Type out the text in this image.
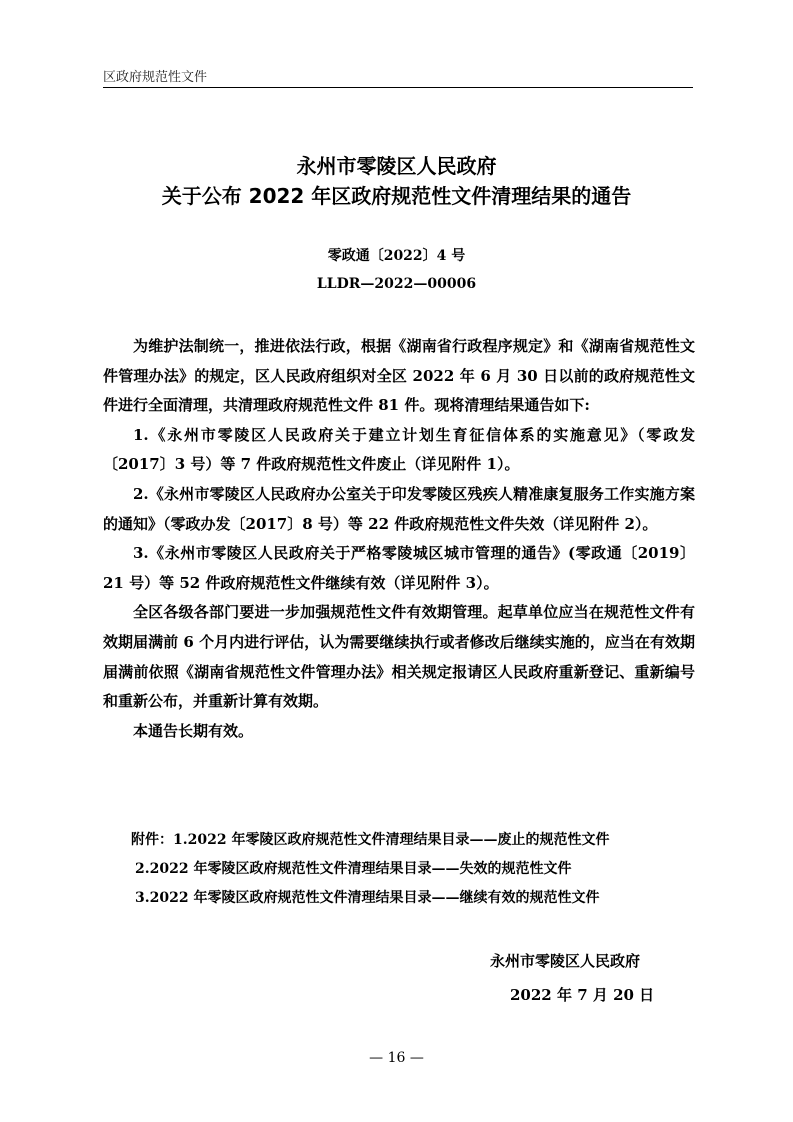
区政府规范性文件
永州市零陵区人民政府
关于公布 2022 年区政府规范性文件清理结果的通告
零政通〔2022〕4 号
LLDR—2022—00006

为维护法制统一，推进依法行政，根据《湖南省行政程序规定》和《湖南省规范性文件管理办法》的规定，区人民政府组织对全区 2022 年 6 月 30 日以前的政府规范性文件进行全面清理，共清理政府规范性文件 81 件。现将清理结果通告如下:

1.《永州市零陵区人民政府关于建立计划生育征信体系的实施意见》（零政发〔2017〕3 号）等 7 件政府规范性文件废止（详见附件 1）。

2.《永州市零陵区人民政府办公室关于印发零陵区残疾人精准康复服务工作实施方案的通知》（零政办发〔2017〕8 号）等 22 件政府规范性文件失效（详见附件 2）。

3.《永州市零陵区人民政府关于严格零陵城区城市管理的通告》(零政通〔2019〕21 号）等 52 件政府规范性文件继续有效（详见附件 3）。

全区各级各部门要进一步加强规范性文件有效期管理。起草单位应当在规范性文件有效期届满前 6 个月内进行评估，认为需要继续执行或者修改后继续实施的，应当在有效期届满前依照《湖南省规范性文件管理办法》相关规定报请区人民政府重新登记、重新编号和重新公布，并重新计算有效期。

本通告长期有效。

附件：1.2022 年零陵区政府规范性文件清理结果目录——废止的规范性文件

2.2022 年零陵区政府规范性文件清理结果目录——失效的规范性文件

3.2022 年零陵区政府规范性文件清理结果目录——继续有效的规范性文件

永州市零陵区人民政府
2022 年 7 月 20 日
— 16 —
